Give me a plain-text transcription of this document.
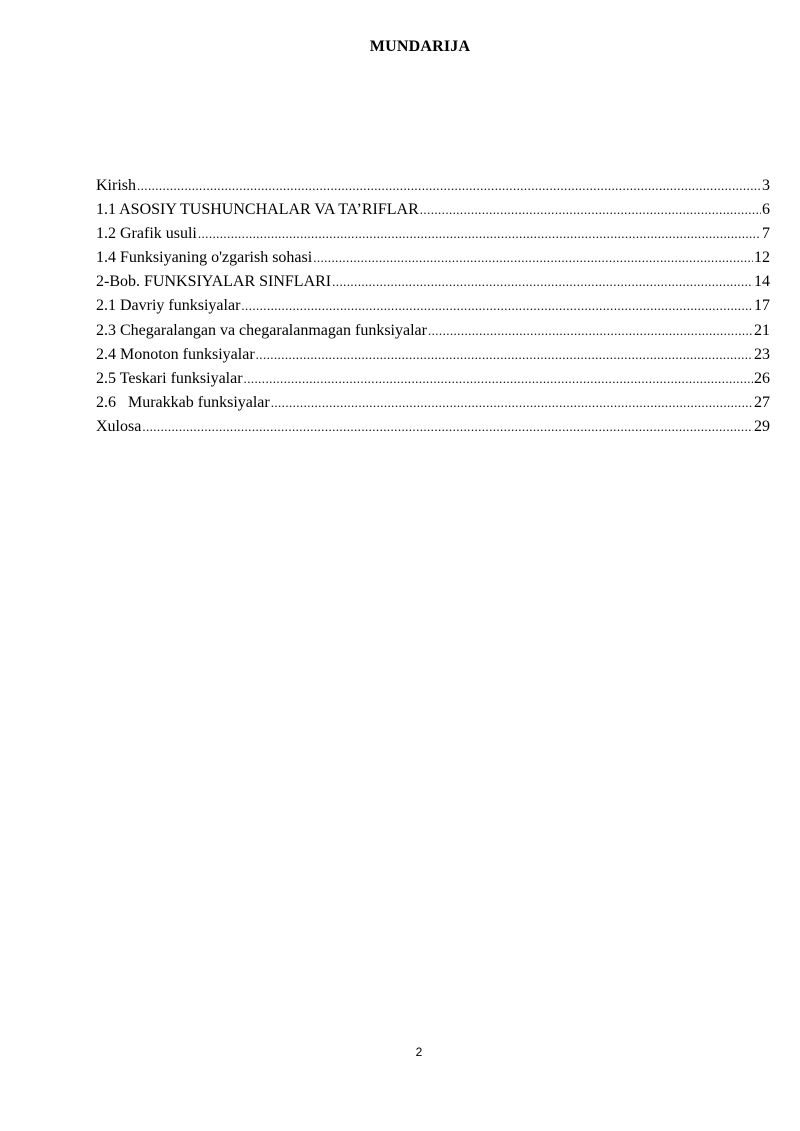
MUNDARIJA
Kirish .....	3
1.1 ASOSIY TUSHUNCHALAR VA TA’RIFLAR .....	6
1.2 Grafik usuli .....	7
1.4 Funksiyaning o'zgarish sohasi .....	12
2-Bob. FUNKSIYALAR SINFLARI .....	14
2.1 Davriy funksiyalar .....	17
2.3 Chegaralangan va chegaralanmagan funksiyalar .....	21
2.4 Monoton funksiyalar .....	23
2.5 Teskari funksiyalar .....	26
2.6   Murakkab funksiyalar .....	27
Xulosa .....	29
2
